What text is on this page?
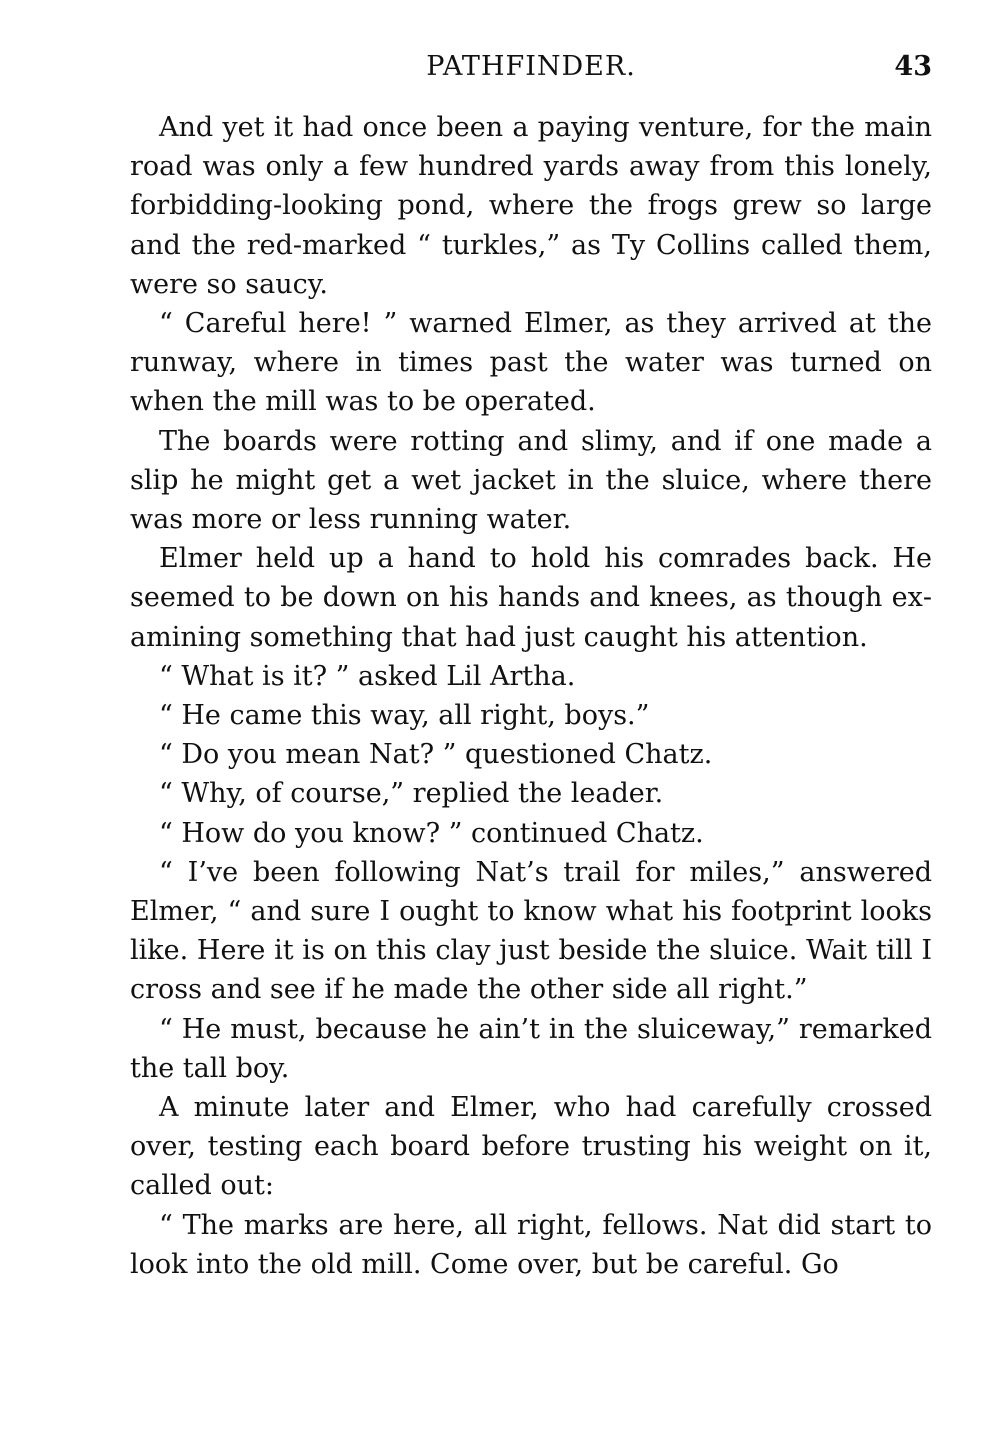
PATHFINDER.	43

And yet it had once been a paying venture, for the main road was only a few hundred yards away from this lonely, forbidding-looking pond, where the frogs grew so large and the red-marked “ turkles,” as Ty Collins called them, were so saucy.

“ Careful here! ” warned Elmer, as they arrived at the runway, where in times past the water was turned on when the mill was to be operated.

The boards were rotting and slimy, and if one made a slip he might get a wet jacket in the sluice, where there was more or less running water.

Elmer held up a hand to hold his comrades back. He seemed to be down on his hands and knees, as though examining something that had just caught his attention.

“ What is it? ” asked Lil Artha.

“ He came this way, all right, boys.”

“ Do you mean Nat? ” questioned Chatz.

“ Why, of course,” replied the leader.

“ How do you know? ” continued Chatz.

“ I’ve been following Nat’s trail for miles,” answered Elmer, “ and sure I ought to know what his footprint looks like. Here it is on this clay just beside the sluice. Wait till I cross and see if he made the other side all right.”

“ He must, because he ain’t in the sluiceway,” remarked the tall boy.

A minute later and Elmer, who had carefully crossed over, testing each board before trusting his weight on it, called out:

“ The marks are here, all right, fellows. Nat did start to look into the old mill. Come over, but be careful. Go
